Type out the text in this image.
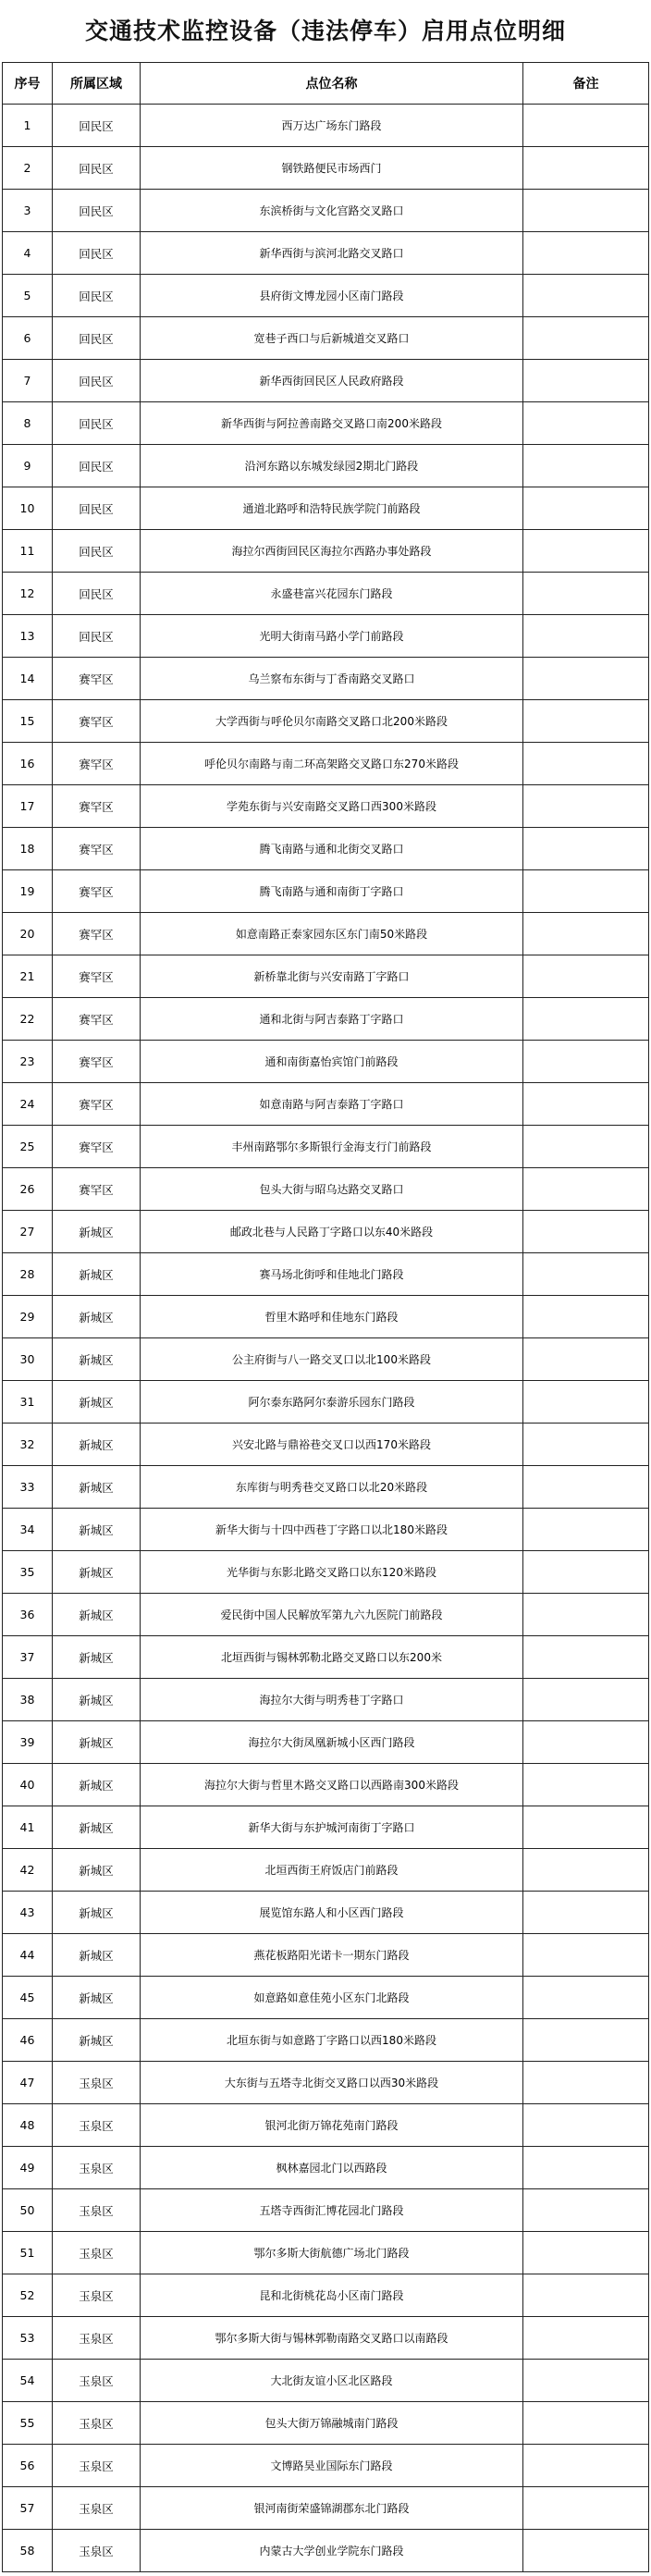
交通技术监控设备（违法停车）启用点位明细
序号	所属区域	点位名称	备注
1	回民区	西万达广场东门路段	
2	回民区	钢铁路便民市场西门	
3	回民区	东滨桥街与文化宫路交叉路口	
4	回民区	新华西街与滨河北路交叉路口	
5	回民区	县府街文博龙园小区南门路段	
6	回民区	宽巷子西口与后新城道交叉路口	
7	回民区	新华西街回民区人民政府路段	
8	回民区	新华西街与阿拉善南路交叉路口南200米路段	
9	回民区	沿河东路以东城发绿园2期北门路段	
10	回民区	通道北路呼和浩特民族学院门前路段	
11	回民区	海拉尔西街回民区海拉尔西路办事处路段	
12	回民区	永盛巷富兴花园东门路段	
13	回民区	光明大街南马路小学门前路段	
14	赛罕区	乌兰察布东街与丁香南路交叉路口	
15	赛罕区	大学西街与呼伦贝尔南路交叉路口北200米路段	
16	赛罕区	呼伦贝尔南路与南二环高架路交叉路口东270米路段	
17	赛罕区	学苑东街与兴安南路交叉路口西300米路段	
18	赛罕区	腾飞南路与通和北街交叉路口	
19	赛罕区	腾飞南路与通和南街丁字路口	
20	赛罕区	如意南路正泰家园东区东门南50米路段	
21	赛罕区	新桥靠北街与兴安南路丁字路口	
22	赛罕区	通和北街与阿吉泰路丁字路口	
23	赛罕区	通和南街嘉怡宾馆门前路段	
24	赛罕区	如意南路与阿吉泰路丁字路口	
25	赛罕区	丰州南路鄂尔多斯银行金海支行门前路段	
26	赛罕区	包头大街与昭乌达路交叉路口	
27	新城区	邮政北巷与人民路丁字路口以东40米路段	
28	新城区	赛马场北街呼和佳地北门路段	
29	新城区	哲里木路呼和佳地东门路段	
30	新城区	公主府街与八一路交叉口以北100米路段	
31	新城区	阿尔泰东路阿尔泰游乐园东门路段	
32	新城区	兴安北路与鼎裕巷交叉口以西170米路段	
33	新城区	东库街与明秀巷交叉路口以北20米路段	
34	新城区	新华大街与十四中西巷丁字路口以北180米路段	
35	新城区	光华街与东影北路交叉路口以东120米路段	
36	新城区	爱民街中国人民解放军第九六九医院门前路段	
37	新城区	北垣西街与锡林郭勒北路交叉路口以东200米	
38	新城区	海拉尔大街与明秀巷丁字路口	
39	新城区	海拉尔大街凤凰新城小区西门路段	
40	新城区	海拉尔大街与哲里木路交叉路口以西路南300米路段	
41	新城区	新华大街与东护城河南街丁字路口	
42	新城区	北垣西街王府饭店门前路段	
43	新城区	展览馆东路人和小区西门路段	
44	新城区	燕花板路阳光诺卡一期东门路段	
45	新城区	如意路如意佳苑小区东门北路段	
46	新城区	北垣东街与如意路丁字路口以西180米路段	
47	玉泉区	大东街与五塔寺北街交叉路口以西30米路段	
48	玉泉区	银河北街万锦花苑南门路段	
49	玉泉区	枫林嘉园北门以西路段	
50	玉泉区	五塔寺西街汇博花园北门路段	
51	玉泉区	鄂尔多斯大街航德广场北门路段	
52	玉泉区	昆和北街桃花岛小区南门路段	
53	玉泉区	鄂尔多斯大街与锡林郭勒南路交叉路口以南路段	
54	玉泉区	大北街友谊小区北区路段	
55	玉泉区	包头大街万锦融城南门路段	
56	玉泉区	文博路昊业国际东门路段	
57	玉泉区	银河南街荣盛锦湖郡东北门路段	
58	玉泉区	内蒙古大学创业学院东门路段	
